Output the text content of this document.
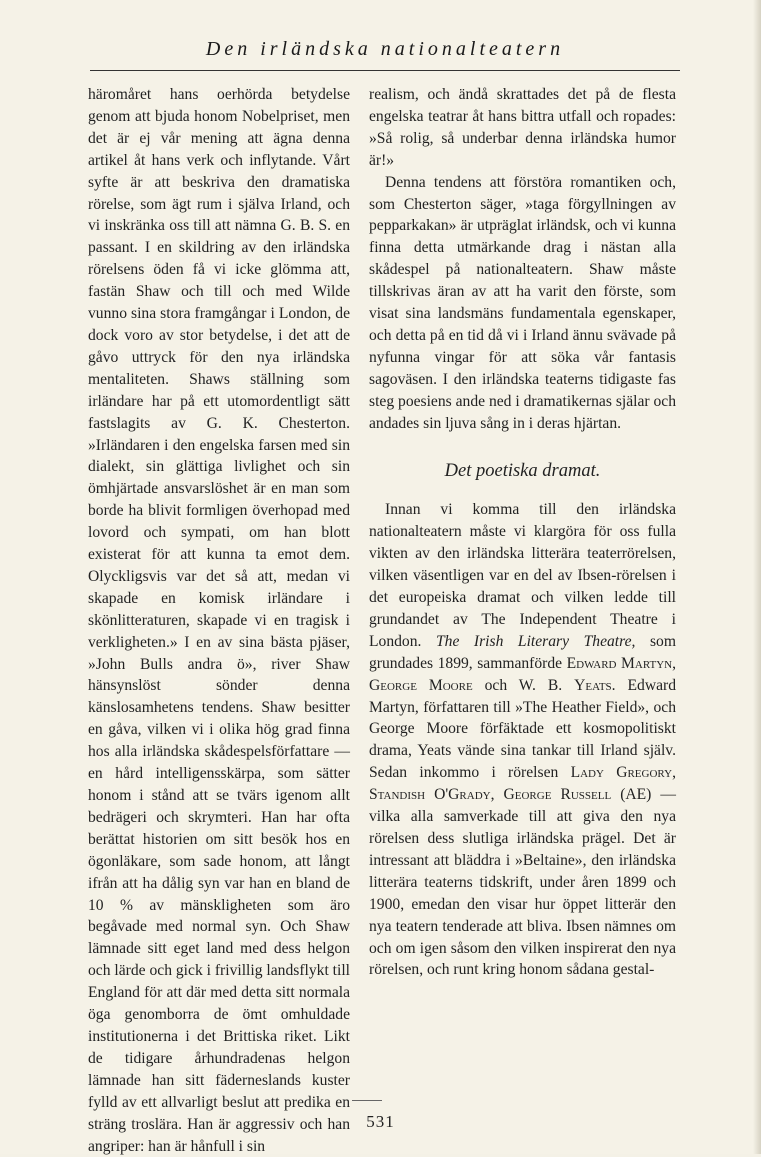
Den irländska nationalteatern

häromåret hans oerhörda betydelse genom att bjuda honom Nobelpriset, men det är ej vår mening att ägna denna artikel åt hans verk och inflytande. Vårt syfte är att beskriva den dramatiska rörelse, som ägt rum i själva Irland, och vi inskränka oss till att nämna G. B. S. en passant. I en skildring av den irländska rörelsens öden få vi icke glömma att, fastän Shaw och till och med Wilde vunno sina stora framgångar i London, de dock voro av stor betydelse, i det att de gåvo uttryck för den nya irländska mentaliteten. Shaws ställning som irländare har på ett utomordentligt sätt fastslagits av G. K. Chesterton. »Irländaren i den engelska farsen med sin dialekt, sin glättiga livlighet och sin ömhjärtade ansvarslöshet är en man som borde ha blivit formligen överhopad med lovord och sympati, om han blott existerat för att kunna ta emot dem. Olyckligsvis var det så att, medan vi skapade en komisk irländare i skönlitteraturen, skapade vi en tragisk i verkligheten.» I en av sina bästa pjäser, »John Bulls andra ö», river Shaw hänsynslöst sönder denna känslosamhetens tendens. Shaw besitter en gåva, vilken vi i olika hög grad finna hos alla irländska skådespelsförfattare — en hård intelligensskärpa, som sätter honom i stånd att se tvärs igenom allt bedrägeri och skrymteri. Han har ofta berättat historien om sitt besök hos en ögonläkare, som sade honom, att långt ifrån att ha dålig syn var han en bland de 10 % av mänskligheten som äro begåvade med normal syn. Och Shaw lämnade sitt eget land med dess helgon och lärde och gick i frivillig landsflykt till England för att där med detta sitt normala öga genomborra de ömt omhuldade institutionerna i det Brittiska riket. Likt de tidigare århundradenas helgon lämnade han sitt fäderneslands kuster fylld av ett allvarligt beslut att predika en sträng troslära. Han är aggressiv och han angriper: han är hånfull i sin

realism, och ändå skrattades det på de flesta engelska teatrar åt hans bittra utfall och ropades: »Så rolig, så underbar denna irländska humor är!»

Denna tendens att förstöra romantiken och, som Chesterton säger, »taga förgyllningen av pepparkakan» är utpräglat irländsk, och vi kunna finna detta utmärkande drag i nästan alla skådespel på nationalteatern. Shaw måste tillskrivas äran av att ha varit den förste, som visat sina landsmäns fundamentala egenskaper, och detta på en tid då vi i Irland ännu svävade på nyfunna vingar för att söka vår fantasis sagoväsen. I den irländska teaterns tidigaste fas steg poesiens ande ned i dramatikernas själar och andades sin ljuva sång in i deras hjärtan.

Det poetiska dramat.

Innan vi komma till den irländska nationalteatern måste vi klargöra för oss fulla vikten av den irländska litterära teaterrörelsen, vilken väsentligen var en del av Ibsen-rörelsen i det europeiska dramat och vilken ledde till grundandet av The Independent Theatre i London. The Irish Literary Theatre, som grundades 1899, sammanförde Edward Martyn, George Moore och W. B. Yeats. Edward Martyn, författaren till »The Heather Field», och George Moore förfäktade ett kosmopolitiskt drama, Yeats vände sina tankar till Irland själv. Sedan inkommo i rörelsen Lady Gregory, Standish O'Grady, George Russell (AE) — vilka alla samverkade till att giva den nya rörelsen dess slutliga irländska prägel. Det är intressant att bläddra i »Beltaine», den irländska litterära teaterns tidskrift, under åren 1899 och 1900, emedan den visar hur öppet litterär den nya teatern tenderade att bliva. Ibsen nämnes om och om igen såsom den vilken inspirerat den nya rörelsen, och runt kring honom sådana gestal-

531
